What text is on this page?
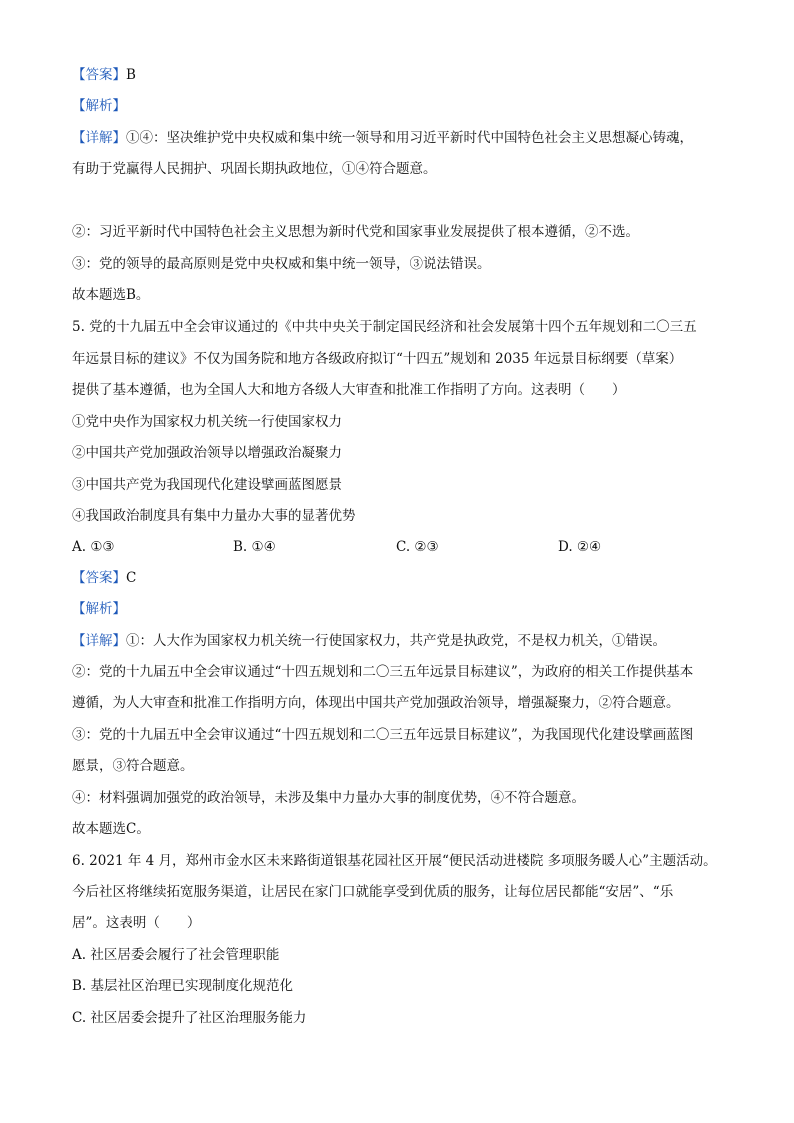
【答案】B
【解析】
【详解】①④：坚决维护党中央权威和集中统一领导和用习近平新时代中国特色社会主义思想凝心铸魂，
有助于党赢得人民拥护、巩固长期执政地位，①④符合题意。
②：习近平新时代中国特色社会主义思想为新时代党和国家事业发展提供了根本遵循，②不选。
③：党的领导的最高原则是党中央权威和集中统一领导，③说法错误。
故本题选B。
5. 党的十九届五中全会审议通过的《中共中央关于制定国民经济和社会发展第十四个五年规划和二〇三五
年远景目标的建议》不仅为国务院和地方各级政府拟订“十四五”规划和 2035 年远景目标纲要（草案）
提供了基本遵循，也为全国人大和地方各级人大审查和批准工作指明了方向。这表明（　　）
①党中央作为国家权力机关统一行使国家权力
②中国共产党加强政治领导以增强政治凝聚力
③中国共产党为我国现代化建设擘画蓝图愿景
④我国政治制度具有集中力量办大事的显著优势
A. ①③	B. ①④	C. ②③	D. ②④
【答案】C
【解析】
【详解】①：人大作为国家权力机关统一行使国家权力，共产党是执政党，不是权力机关，①错误。
②：党的十九届五中全会审议通过“十四五规划和二〇三五年远景目标建议”，为政府的相关工作提供基本
遵循，为人大审查和批准工作指明方向，体现出中国共产党加强政治领导，增强凝聚力，②符合题意。
③：党的十九届五中全会审议通过“十四五规划和二〇三五年远景目标建议”，为我国现代化建设擘画蓝图
愿景，③符合题意。
④：材料强调加强党的政治领导，未涉及集中力量办大事的制度优势，④不符合题意。
故本题选C。
6. 2021 年 4 月，郑州市金水区未来路街道银基花园社区开展“便民活动进楼院 多项服务暖人心”主题活动。
今后社区将继续拓宽服务渠道，让居民在家门口就能享受到优质的服务，让每位居民都能“安居”、“乐
居”。这表明（　　）
A. 社区居委会履行了社会管理职能
B. 基层社区治理已实现制度化规范化
C. 社区居委会提升了社区治理服务能力
